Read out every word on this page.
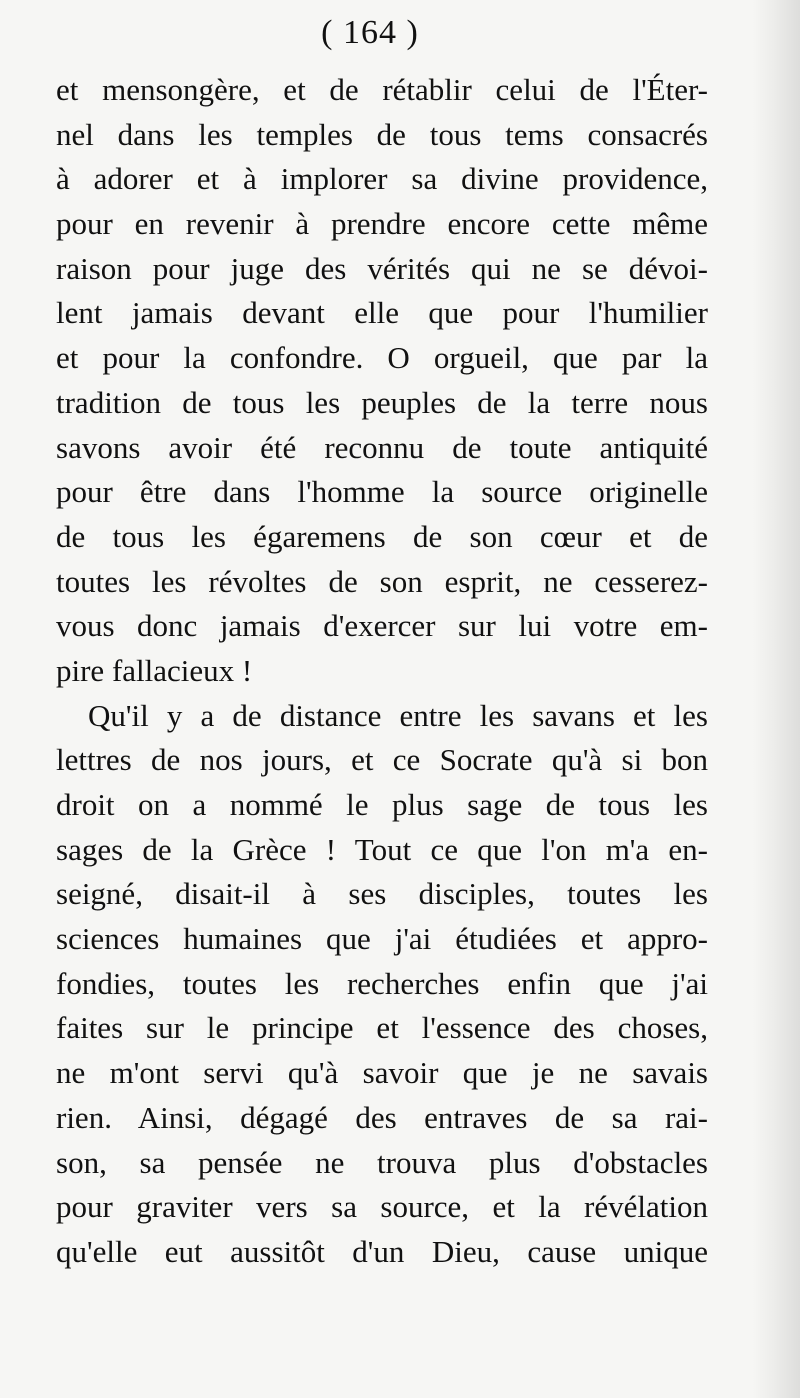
( 164 )
et mensongère, et de rétablir celui de l'Éter-
nel dans les temples de tous tems consacrés
à adorer et à implorer sa divine providence,
pour en revenir à prendre encore cette même
raison pour juge des vérités qui ne se dévoi-
lent jamais devant elle que pour l'humilier
et pour la confondre. O orgueil, que par la
tradition de tous les peuples de la terre nous
savons avoir été reconnu de toute antiquité
pour être dans l'homme la source originelle
de tous les égaremens de son cœur et de
toutes les révoltes de son esprit, ne cesserez-
vous donc jamais d'exercer sur lui votre em-
pire fallacieux !
Qu'il y a de distance entre les savans et les
lettres de nos jours, et ce Socrate qu'à si bon
droit on a nommé le plus sage de tous les
sages de la Grèce ! Tout ce que l'on m'a en-
seigné, disait-il à ses disciples, toutes les
sciences humaines que j'ai étudiées et appro-
fondies, toutes les recherches enfin que j'ai
faites sur le principe et l'essence des choses,
ne m'ont servi qu'à savoir que je ne savais
rien. Ainsi, dégagé des entraves de sa rai-
son, sa pensée ne trouva plus d'obstacles
pour graviter vers sa source, et la révélation
qu'elle eut aussitôt d'un Dieu, cause unique
